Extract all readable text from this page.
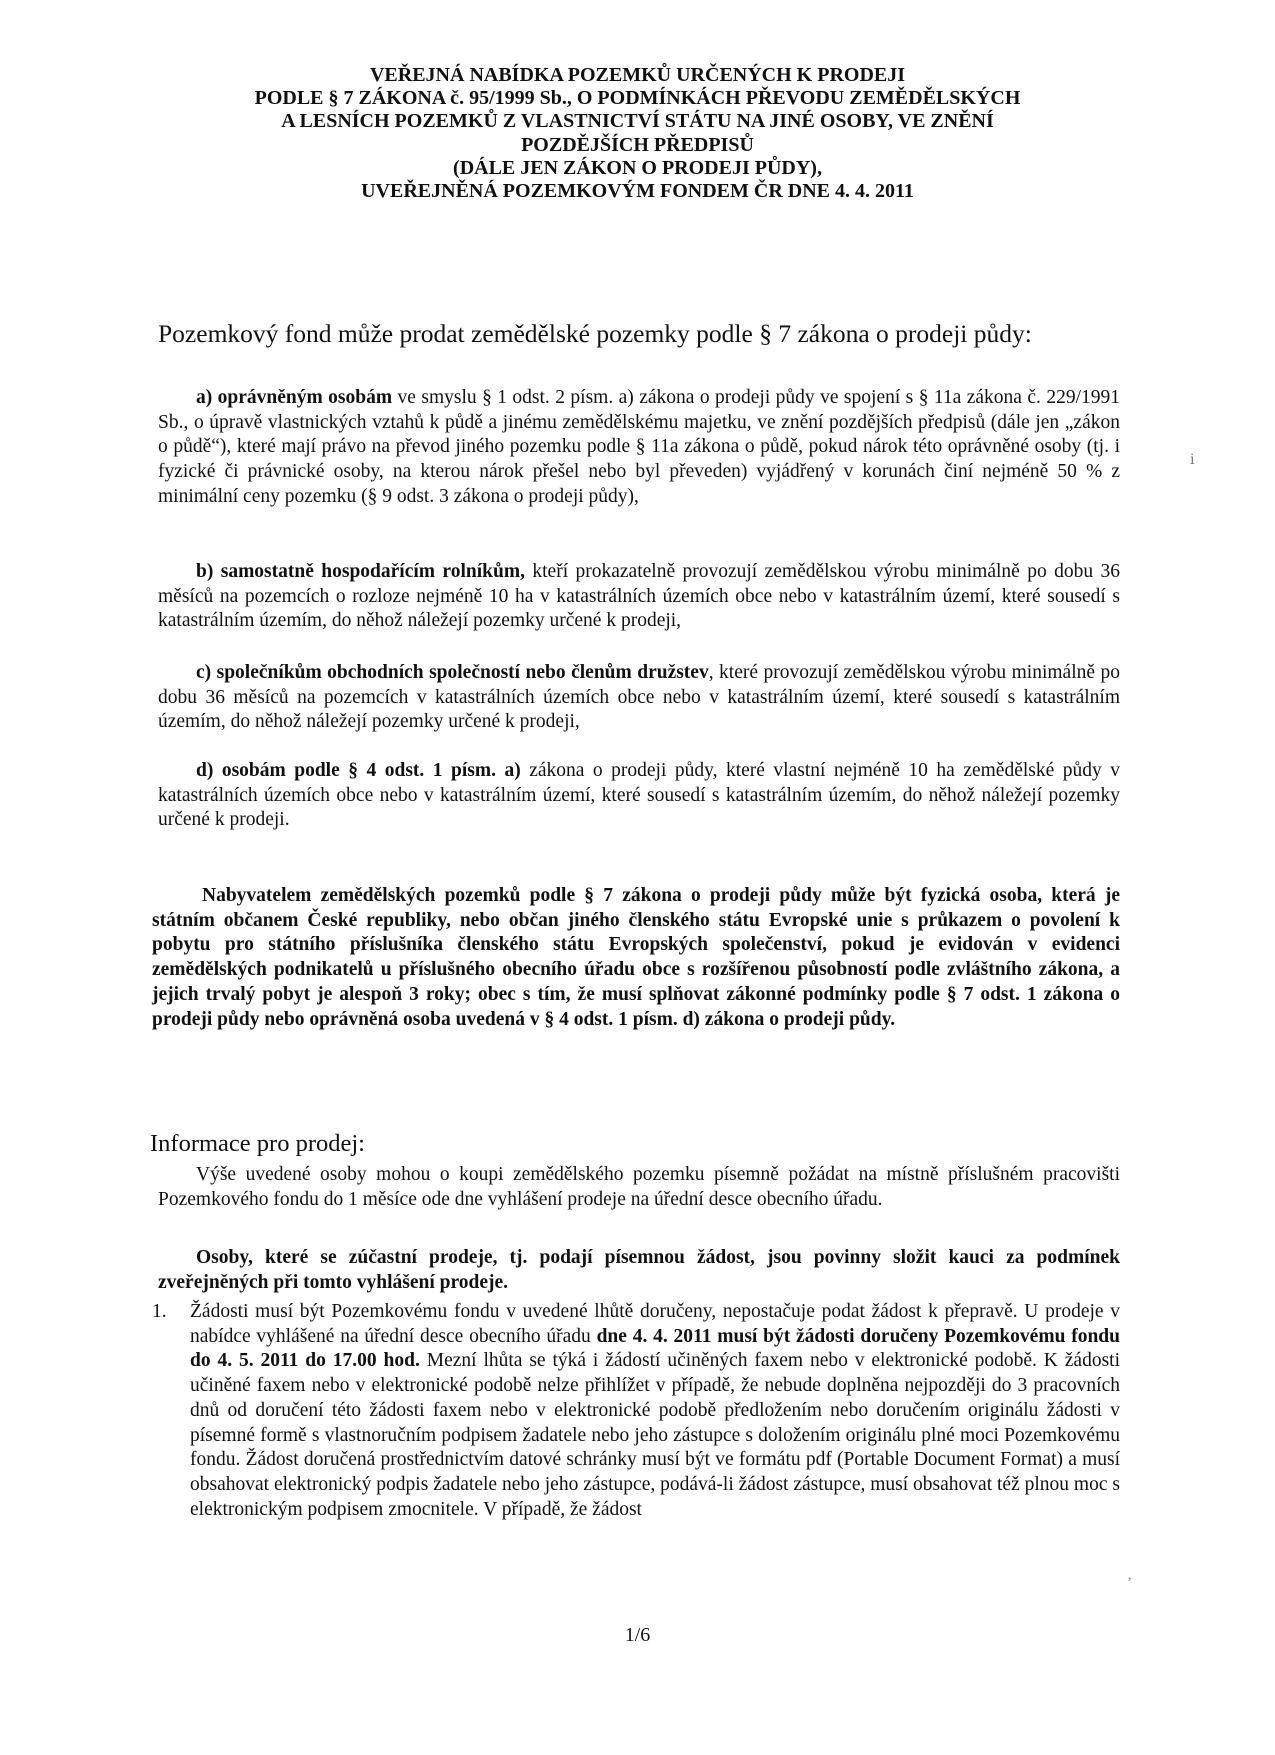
VEŘEJNÁ NABÍDKA POZEMKŮ URČENÝCH K PRODEJI
PODLE § 7 ZÁKONA č. 95/1999 Sb., O PODMÍNKÁCH PŘEVODU ZEMĚDĚLSKÝCH
A LESNÍCH POZEMKŮ Z VLASTNICTVÍ STÁTU NA JINÉ OSOBY, VE ZNĚNÍ
POZDĚJŠÍCH PŘEDPISŮ
(DÁLE JEN ZÁKON O PRODEJI PŮDY),
UVEŘEJNĚNÁ POZEMKOVÝM FONDEM ČR DNE 4. 4. 2011
Pozemkový fond může prodat zemědělské pozemky podle § 7 zákona o prodeji půdy:
a) oprávněným osobám ve smyslu § 1 odst. 2 písm. a) zákona o prodeji půdy ve spojení s § 11a zákona č. 229/1991 Sb., o úpravě vlastnických vztahů k půdě a jinému zemědělskému majetku, ve znění pozdějších předpisů (dále jen „zákon o půdě“), které mají právo na převod jiného pozemku podle § 11a zákona o půdě, pokud nárok této oprávněné osoby (tj. i fyzické či právnické osoby, na kterou nárok přešel nebo byl převeden) vyjádřený v korunách činí nejméně 50 % z minimální ceny pozemku (§ 9 odst. 3 zákona o prodeji půdy),
b) samostatně hospodařícím rolníkům, kteří prokazatelně provozují zemědělskou výrobu minimálně po dobu 36 měsíců na pozemcích o rozloze nejméně 10 ha v katastrálních územích obce nebo v katastrálním území, které sousedí s katastrálním územím, do něhož náležejí pozemky určené k prodeji,
c) společníkům obchodních společností nebo členům družstev, které provozují zemědělskou výrobu minimálně po dobu 36 měsíců na pozemcích v katastrálních územích obce nebo v katastrálním území, které sousedí s katastrálním územím, do něhož náležejí pozemky určené k prodeji,
d) osobám podle § 4 odst. 1 písm. a) zákona o prodeji půdy, které vlastní nejméně 10 ha zemědělské půdy v katastrálních územích obce nebo v katastrálním území, které sousedí s katastrálním územím, do něhož náležejí pozemky určené k prodeji.
Nabyvatelem zemědělských pozemků podle § 7 zákona o prodeji půdy může být fyzická osoba, která je státním občanem České republiky, nebo občan jiného členského státu Evropské unie s průkazem o povolení k pobytu pro státního příslušníka členského státu Evropských společenství, pokud je evidován v evidenci zemědělských podnikatelů u příslušného obecního úřadu obce s rozšířenou působností podle zvláštního zákona, a jejich trvalý pobyt je alespoň 3 roky; obec s tím, že musí splňovat zákonné podmínky podle § 7 odst. 1 zákona o prodeji půdy nebo oprávněná osoba uvedená v § 4 odst. 1 písm. d) zákona o prodeji půdy.
Informace pro prodej:
Výše uvedené osoby mohou o koupi zemědělského pozemku písemně požádat na místně příslušném pracovišti Pozemkového fondu do 1 měsíce ode dne vyhlášení prodeje na úřední desce obecního úřadu.
Osoby, které se zúčastní prodeje, tj. podají písemnou žádost, jsou povinny složit kauci za podmínek zveřejněných při tomto vyhlášení prodeje.
1. Žádosti musí být Pozemkovému fondu v uvedené lhůtě doručeny, nepostačuje podat žádost k přepravě. U prodeje v nabídce vyhlášené na úřední desce obecního úřadu dne 4. 4. 2011 musí být žádosti doručeny Pozemkovému fondu do 4. 5. 2011 do 17.00 hod. Mezní lhůta se týká i žádostí učiněných faxem nebo v elektronické podobě. K žádosti učiněné faxem nebo v elektronické podobě nelze přihlížet v případě, že nebude doplněna nejpozději do 3 pracovních dnů od doručení této žádosti faxem nebo v elektronické podobě předložením nebo doručením originálu žádosti v písemné formě s vlastnoručním podpisem žadatele nebo jeho zástupce s doložením originálu plné moci Pozemkovému fondu. Žádost doručená prostřednictvím datové schránky musí být ve formátu pdf (Portable Document Format) a musí obsahovat elektronický podpis žadatele nebo jeho zástupce, podává-li žádost zástupce, musí obsahovat též plnou moc s elektronickým podpisem zmocnitele. V případě, že žádost
1/6
ⅰ
,
